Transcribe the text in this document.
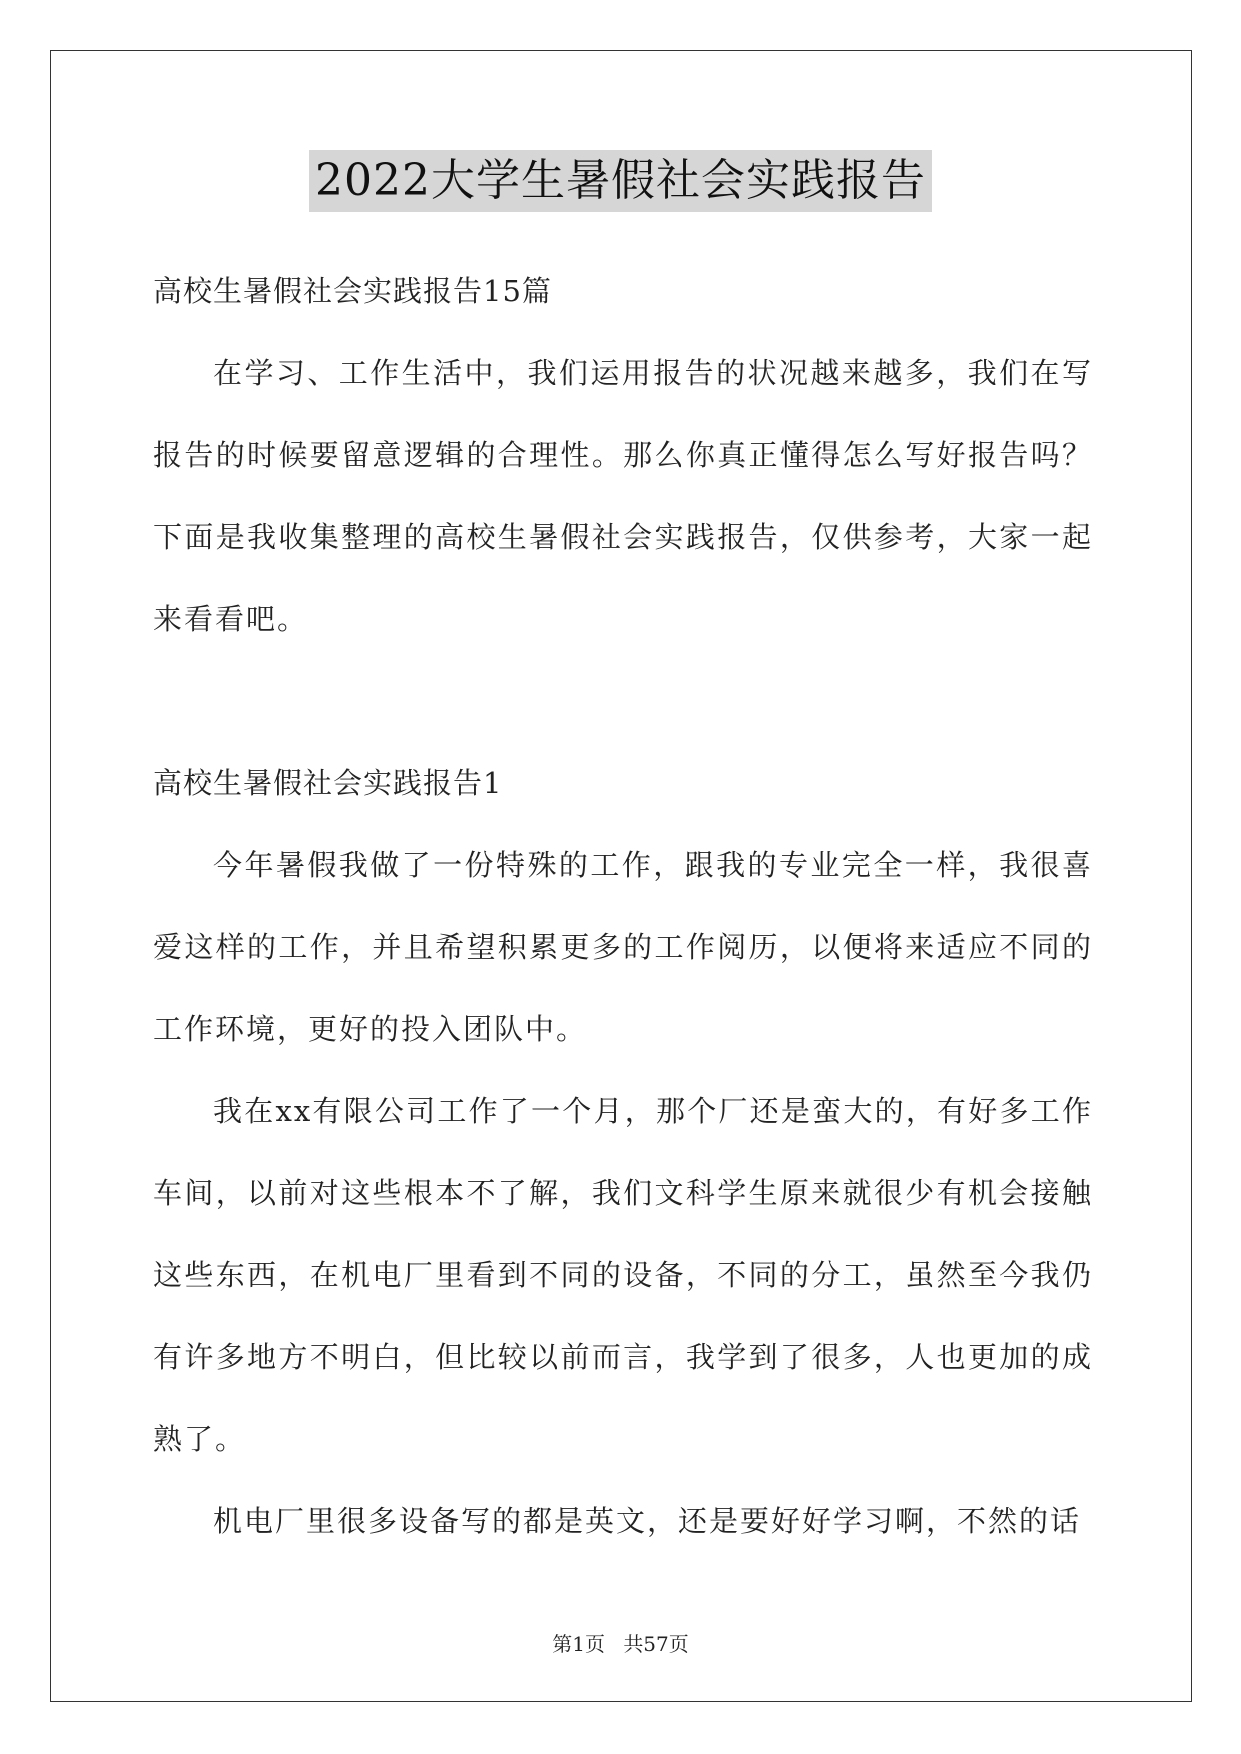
2022大学生暑假社会实践报告

高校生暑假社会实践报告15篇

在学习、工作生活中，我们运用报告的状况越来越多，我们在写报告的时候要留意逻辑的合理性。那么你真正懂得怎么写好报告吗？下面是我收集整理的高校生暑假社会实践报告，仅供参考，大家一起来看看吧。

高校生暑假社会实践报告1

今年暑假我做了一份特殊的工作，跟我的专业完全一样，我很喜爱这样的工作，并且希望积累更多的工作阅历，以便将来适应不同的工作环境，更好的投入团队中。

我在xx有限公司工作了一个月，那个厂还是蛮大的，有好多工作车间，以前对这些根本不了解，我们文科学生原来就很少有机会接触这些东西，在机电厂里看到不同的设备，不同的分工，虽然至今我仍有许多地方不明白，但比较以前而言，我学到了很多，人也更加的成熟了。

机电厂里很多设备写的都是英文，还是要好好学习啊，不然的话

第1页 共57页
